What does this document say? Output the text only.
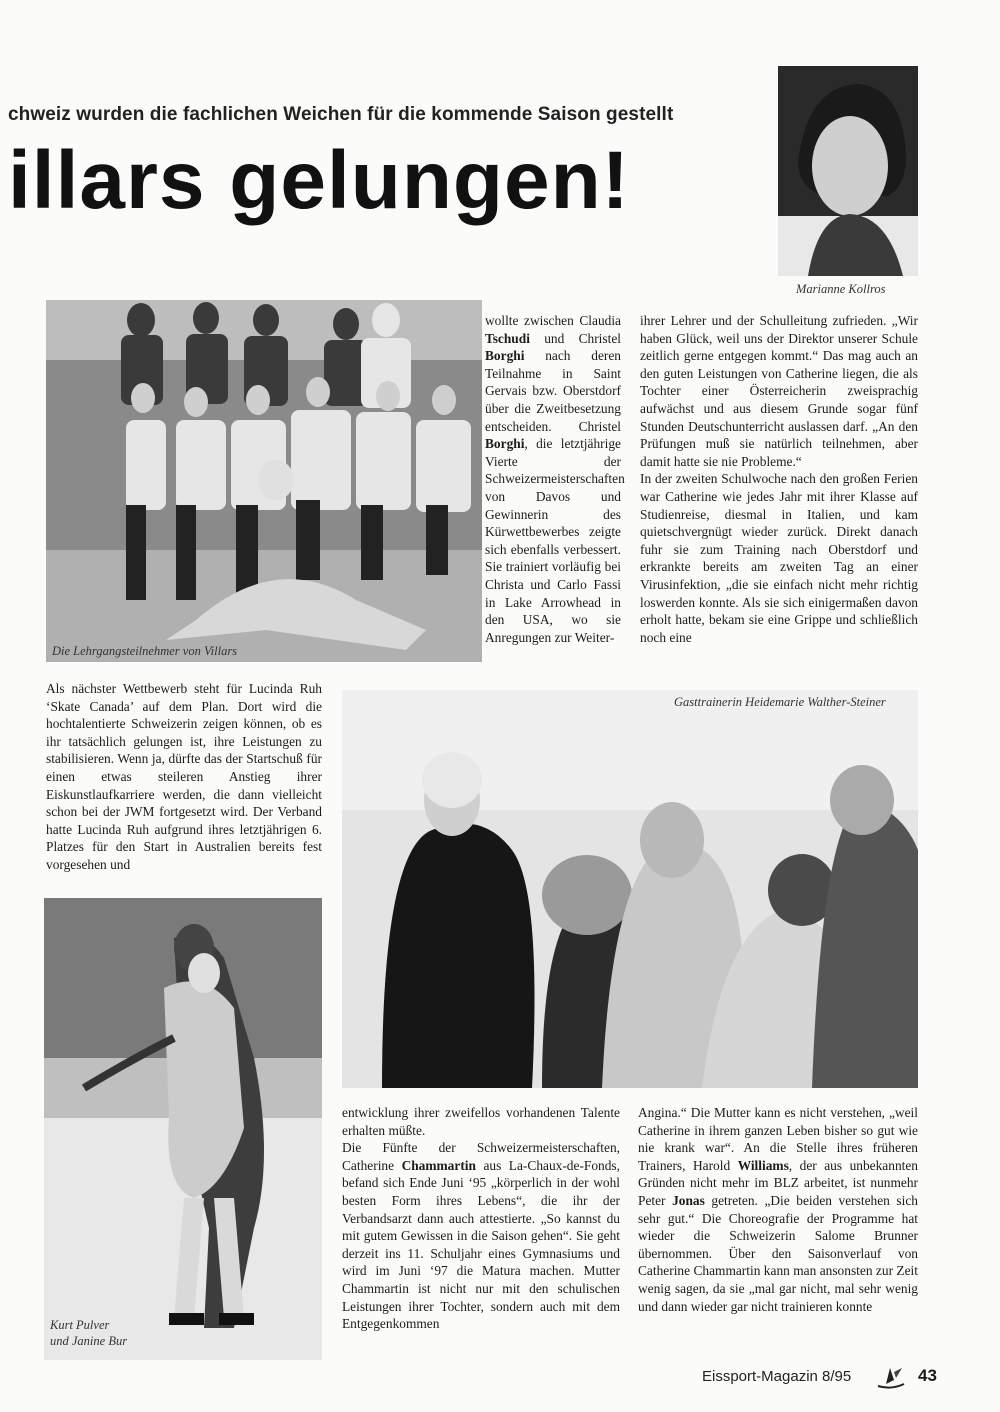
chweiz wurden die fachlichen Weichen für die kommende Saison gestellt
illars gelungen!
Marianne Kollros
Die Lehrgangsteilnehmer von Villars

wollte zwischen Claudia Tschudi und Christel Borghi nach deren Teilnahme in Saint Gervais bzw. Oberstdorf über die Zweitbesetzung entscheiden. Christel Borghi, die letztjährige Vierte der Schweizermeisterschaften von Davos und Gewinnerin des Kürwettbewerbes zeigte sich ebenfalls verbessert. Sie trainiert vorläufig bei Christa und Carlo Fassi in Lake Arrowhead in den USA, wo sie Anregungen zur Weiter-

ihrer Lehrer und der Schulleitung zufrieden. „Wir haben Glück, weil uns der Direktor unserer Schule zeitlich gerne entgegen kommt.“ Das mag auch an den guten Leistungen von Catherine liegen, die als Tochter einer Österreicherin zweisprachig aufwächst und aus diesem Grunde sogar fünf Stunden Deutschunterricht auslassen darf. „An den Prüfungen muß sie natürlich teilnehmen, aber damit hatte sie nie Probleme.“

In der zweiten Schulwoche nach den großen Ferien war Catherine wie jedes Jahr mit ihrer Klasse auf Studienreise, diesmal in Italien, und kam quietschvergnügt wieder zurück. Direkt danach fuhr sie zum Training nach Oberstdorf und erkrankte bereits am zweiten Tag an einer Virusinfektion, „die sie einfach nicht mehr richtig loswerden konnte. Als sie sich einigermaßen davon erholt hatte, bekam sie eine Grippe und schließlich noch eine

Als nächster Wettbewerb steht für Lucinda Ruh ‘Skate Canada’ auf dem Plan. Dort wird die hochtalentierte Schweizerin zeigen können, ob es ihr tatsächlich gelungen ist, ihre Leistungen zu stabilisieren. Wenn ja, dürfte das der Startschuß für einen etwas steileren Anstieg ihrer Eiskunstlaufkarriere werden, die dann vielleicht schon bei der JWM fortgesetzt wird. Der Verband hatte Lucinda Ruh aufgrund ihres letztjährigen 6. Platzes für den Start in Australien bereits fest vorgesehen und

Gasttrainerin Heidemarie Walther-Steiner
Kurt Pulver
und Janine Bur

entwicklung ihrer zweifellos vorhandenen Talente erhalten müßte.

Die Fünfte der Schweizermeisterschaften, Catherine Chammartin aus La-Chaux-de-Fonds, befand sich Ende Juni ‘95 „körperlich in der wohl besten Form ihres Lebens“, die ihr der Verbandsarzt dann auch attestierte. „So kannst du mit gutem Gewissen in die Saison gehen“. Sie geht derzeit ins 11. Schuljahr eines Gymnasiums und wird im Juni ‘97 die Matura machen. Mutter Chammartin ist nicht nur mit den schulischen Leistungen ihrer Tochter, sondern auch mit dem Entgegenkommen

Angina.“ Die Mutter kann es nicht verstehen, „weil Catherine in ihrem ganzen Leben bisher so gut wie nie krank war“. An die Stelle ihres früheren Trainers, Harold Williams, der aus unbekannten Gründen nicht mehr im BLZ arbeitet, ist nunmehr Peter Jonas getreten. „Die beiden verstehen sich sehr gut.“ Die Choreografie der Programme hat wieder die Schweizerin Salome Brunner übernommen. Über den Saisonverlauf von Catherine Chammartin kann man ansonsten zur Zeit wenig sagen, da sie „mal gar nicht, mal sehr wenig und dann wieder gar nicht trainieren konnte

Eissport-Magazin 8/95	43
